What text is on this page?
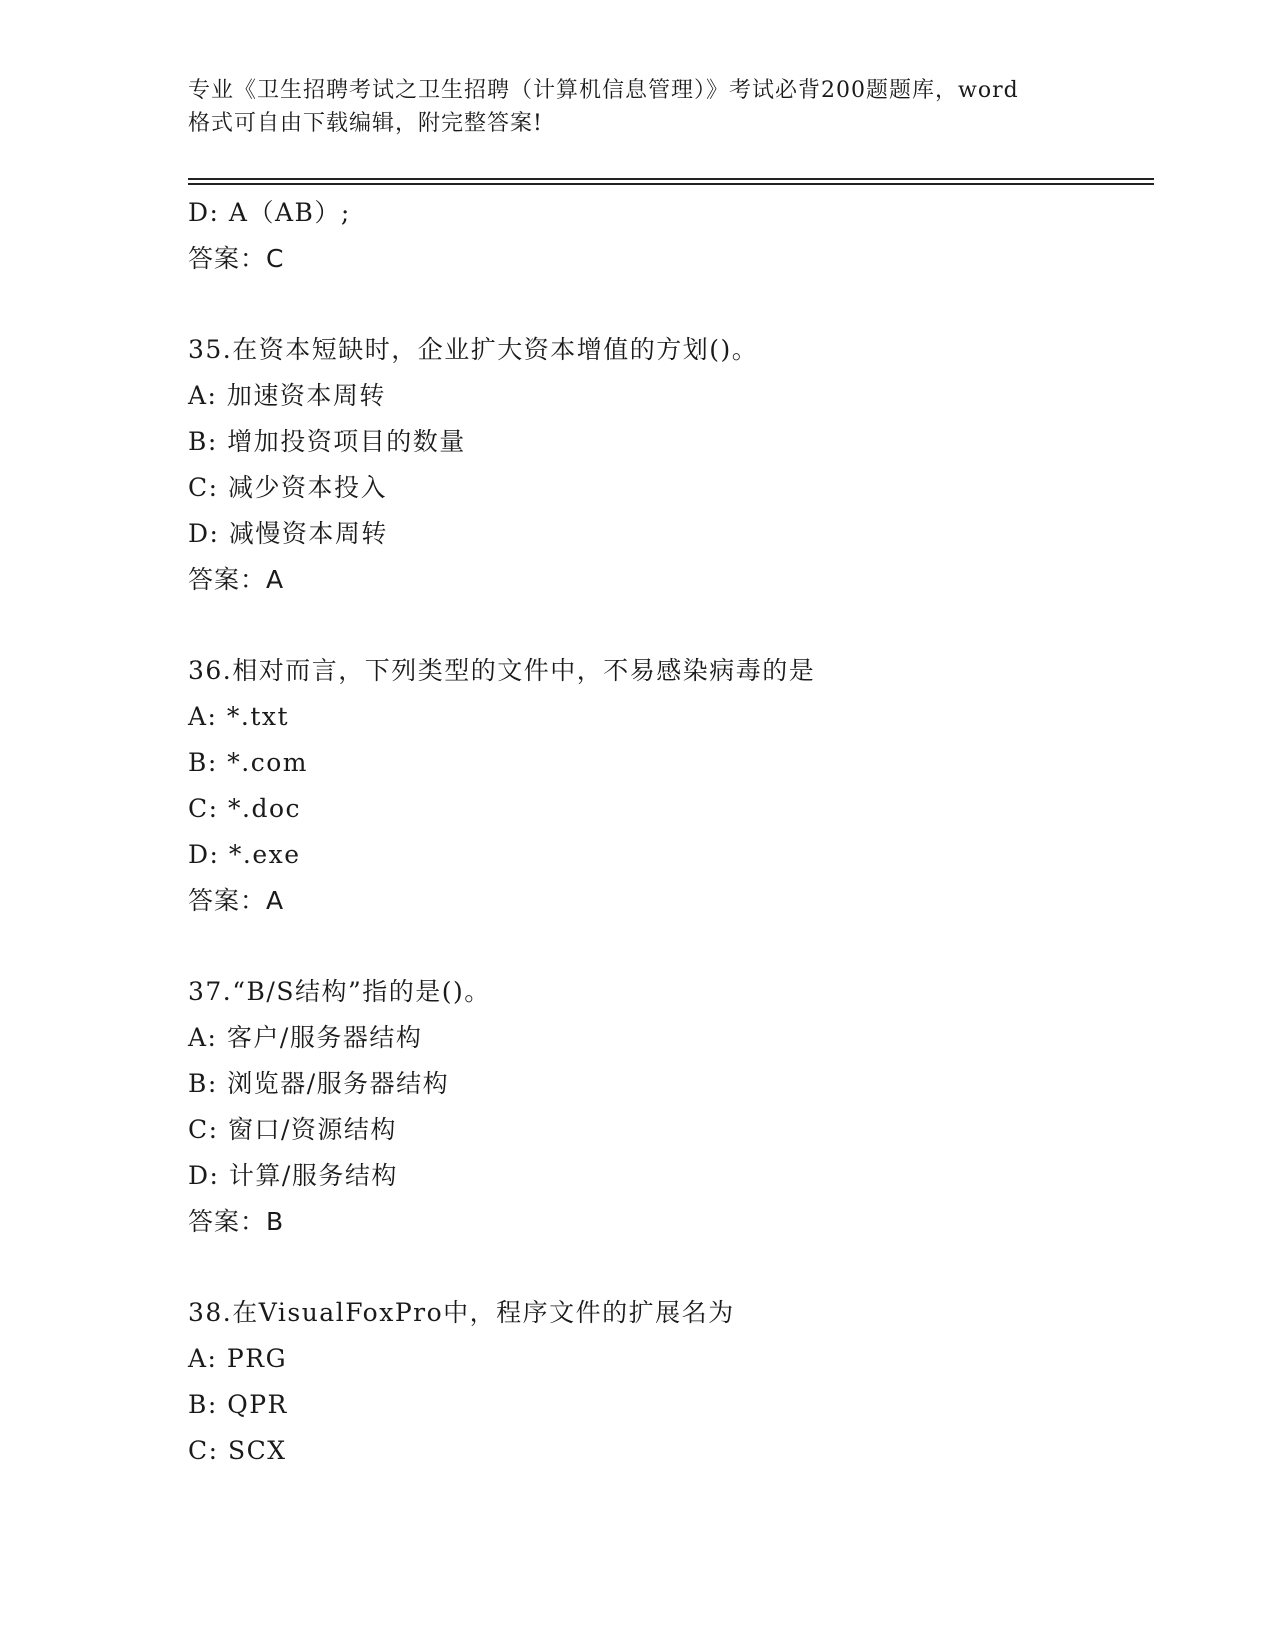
专业《卫生招聘考试之卫生招聘（计算机信息管理）》考试必背200题题库，word
格式可自由下载编辑，附完整答案!
D: A（AB）;
答案：C
35.在资本短缺时，企业扩大资本增值的方划()。
A: 加速资本周转
B: 增加投资项目的数量
C: 减少资本投入
D: 减慢资本周转
答案：A
36.相对而言，下列类型的文件中，不易感染病毒的是
A: *.txt
B: *.com
C: *.doc
D: *.exe
答案：A
37.“B/S结构”指的是()。
A: 客户/服务器结构
B: 浏览器/服务器结构
C: 窗口/资源结构
D: 计算/服务结构
答案：B
38.在VisualFoxPro中，程序文件的扩展名为
A: PRG
B: QPR
C: SCX
